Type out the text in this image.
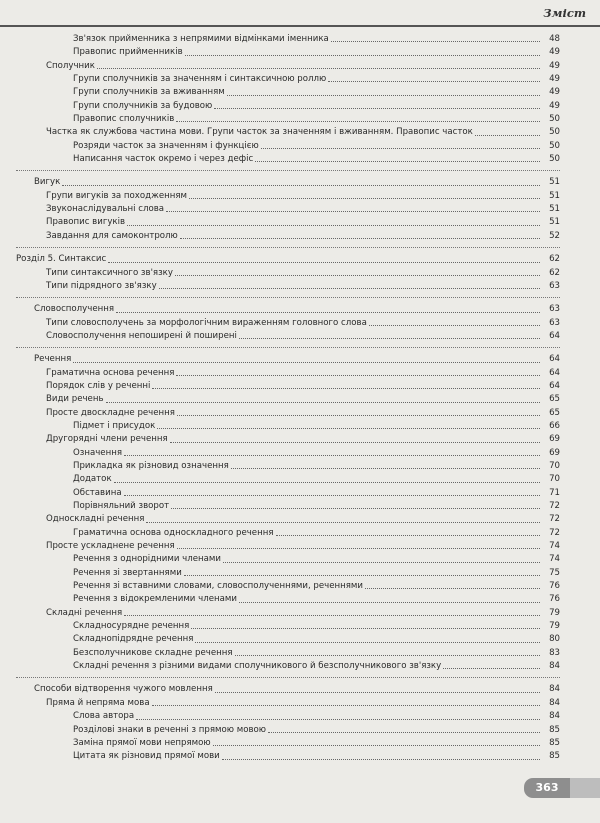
Зміст
Зв'язок прийменника з непрямими відмінками іменника	48
Правопис прийменників	49
Сполучник	49
Групи сполучників за значенням і синтаксичною роллю	49
Групи сполучників за вживанням	49
Групи сполучників за будовою	49
Правопис сполучників	50
Частка як службова частина мови. Групи часток за значенням і вживанням. Правопис часток	50
Розряди часток за значенням і функцією	50
Написання часток окремо і через дефіс	50
Вигук	51
Групи вигуків за походженням	51
Звуконаслідувальні слова	51
Правопис вигуків	51
Завдання для самоконтролю	52
Розділ 5. Синтаксис	62
Типи синтаксичного зв'язку	62
Типи підрядного зв'язку	63
Словосполучення	63
Типи словосполучень за морфологічним вираженням головного слова	63
Словосполучення непоширені й поширені	64
Речення	64
Граматична основа речення	64
Порядок слів у реченні	64
Види речень	65
Просте двоскладне речення	65
Підмет і присудок	66
Другорядні члени речення	69
Означення	69
Прикладка як різновид означення	70
Додаток	70
Обставина	71
Порівняльний зворот	72
Односкладні речення	72
Граматична основа односкладного речення	72
Просте ускладнене речення	74
Речення з однорідними членами	74
Речення зі звертаннями	75
Речення зі вставними словами, словосполученнями, реченнями	76
Речення з відокремленими членами	76
Складні речення	79
Складносурядне речення	79
Складнопідрядне речення	80
Безсполучникове складне речення	83
Складні речення з різними видами сполучникового й безсполучникового зв'язку	84
Способи відтворення чужого мовлення	84
Пряма й непряма мова	84
Слова автора	84
Розділові знаки в реченні з прямою мовою	85
Заміна прямої мови непрямою	85
Цитата як різновид прямої мови	85
363
